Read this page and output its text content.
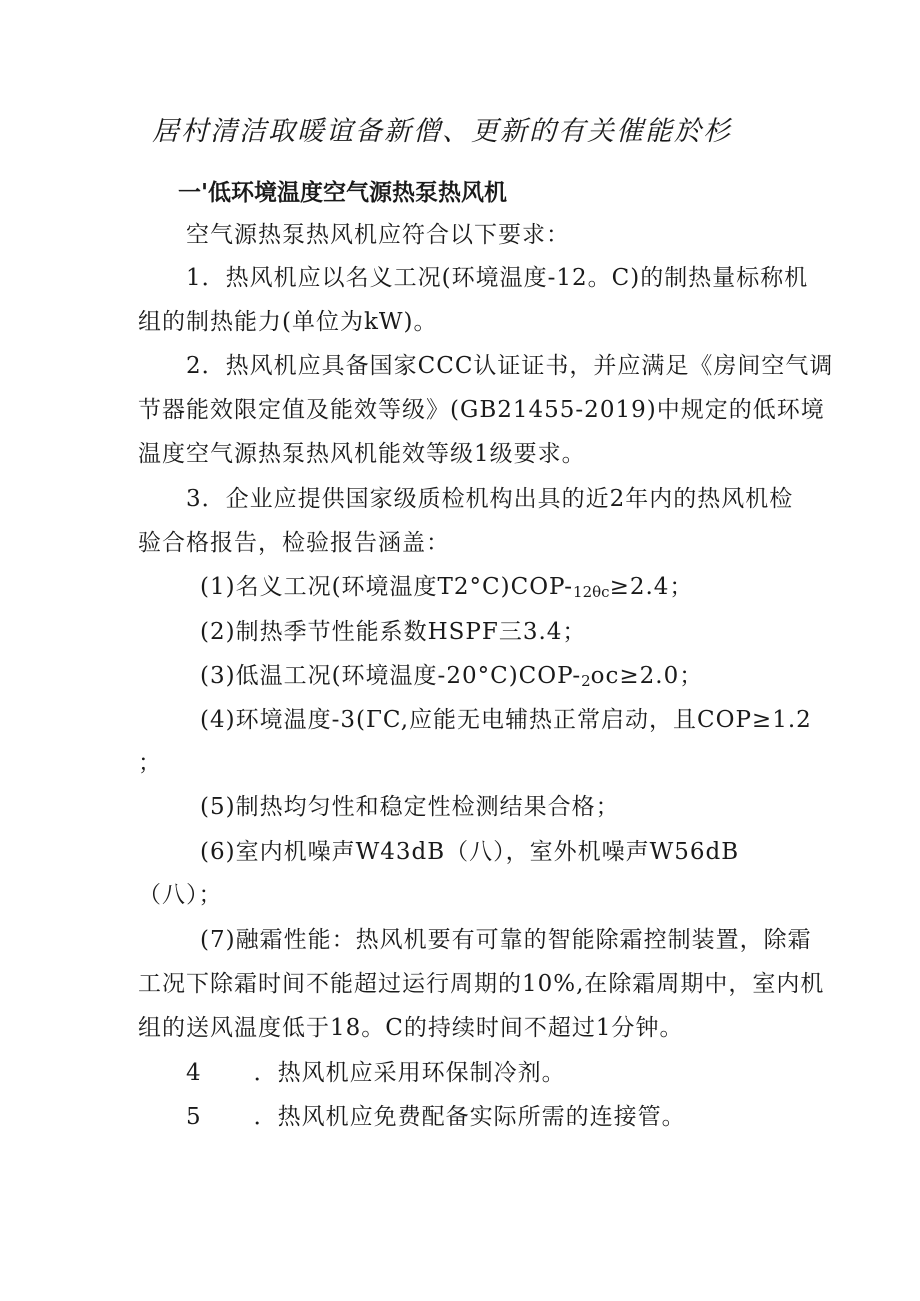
居村清洁取暖谊备新僧、更新的有关催能於杉

一'低环境温度空气源热泵热风机

空气源热泵热风机应符合以下要求：

1．热风机应以名义工况(环境温度-12。C)的制热量标称机

组的制热能力(单位为kW)。

2．热风机应具备国家CCC认证证书，并应满足《房间空气调

节器能效限定值及能效等级》(GB21455-2019)中规定的低环境

温度空气源热泵热风机能效等级1级要求。

3．企业应提供国家级质检机构出具的近2年内的热风机检

验合格报告，检验报告涵盖：

(1)名义工况(环境温度$T2^\circ C)COP-_{12\theta c}\ge 2.4$；

(2)制热季节性能系数HSPF三3.4；

(3)低温工况(环境温度$-20^\circ C)COP-_2oc\ge 2.0$；

(4)环境温度-3(ΓC,应能无电辅热正常启动，且COP≥1.2

；

(5)制热均匀性和稳定性检测结果合格；

(6)室内机噪声W43dB（八），室外机噪声W56dB

（八）；

(7)融霜性能：热风机要有可靠的智能除霜控制装置，除霜

工况下除霜时间不能超过运行周期的10%,在除霜周期中，室内机

组的送风温度低于18。C的持续时间不超过1分钟。

4 ．热风机应采用环保制冷剂。

5 ．热风机应免费配备实际所需的连接管。
